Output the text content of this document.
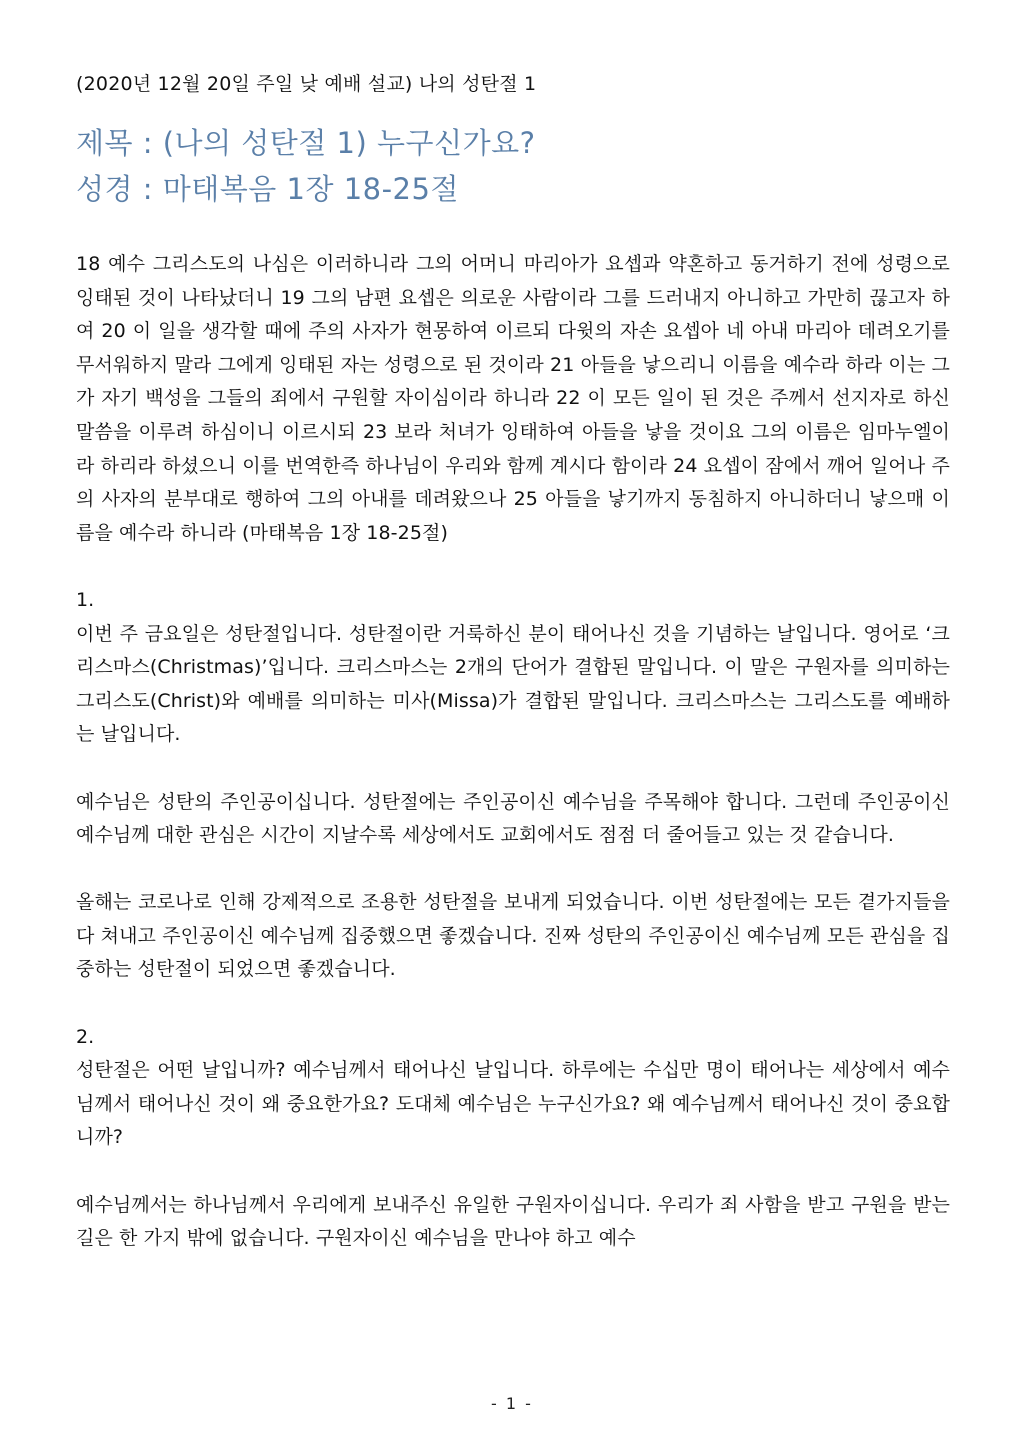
(2020년 12월 20일 주일 낮 예배 설교) 나의 성탄절 1

제목 : (나의 성탄절 1) 누구신가요?

성경 : 마태복음 1장 18-25절

18 예수 그리스도의 나심은 이러하니라 그의 어머니 마리아가 요셉과 약혼하고 동거하기 전에 성령으로 잉태된 것이 나타났더니 19 그의 남편 요셉은 의로운 사람이라 그를 드러내지 아니하고 가만히 끊고자 하여 20 이 일을 생각할 때에 주의 사자가 현몽하여 이르되 다윗의 자손 요셉아 네 아내 마리아 데려오기를 무서워하지 말라 그에게 잉태된 자는 성령으로 된 것이라 21 아들을 낳으리니 이름을 예수라 하라 이는 그가 자기 백성을 그들의 죄에서 구원할 자이심이라 하니라 22 이 모든 일이 된 것은 주께서 선지자로 하신 말씀을 이루려 하심이니 이르시되 23 보라 처녀가 잉태하여 아들을 낳을 것이요 그의 이름은 임마누엘이라 하리라 하셨으니 이를 번역한즉 하나님이 우리와 함께 계시다 함이라 24 요셉이 잠에서 깨어 일어나 주의 사자의 분부대로 행하여 그의 아내를 데려왔으나 25 아들을 낳기까지 동침하지 아니하더니 낳으매 이름을 예수라 하니라 (마태복음 1장 18-25절)

1.

이번 주 금요일은 성탄절입니다. 성탄절이란 거룩하신 분이 태어나신 것을 기념하는 날입니다. 영어로 ‘크리스마스(Christmas)’입니다. 크리스마스는 2개의 단어가 결합된 말입니다. 이 말은 구원자를 의미하는 그리스도(Christ)와 예배를 의미하는 미사(Missa)가 결합된 말입니다. 크리스마스는 그리스도를 예배하는 날입니다.

예수님은 성탄의 주인공이십니다. 성탄절에는 주인공이신 예수님을 주목해야 합니다. 그런데 주인공이신 예수님께 대한 관심은 시간이 지날수록 세상에서도 교회에서도 점점 더 줄어들고 있는 것 같습니다.

올해는 코로나로 인해 강제적으로 조용한 성탄절을 보내게 되었습니다. 이번 성탄절에는 모든 곁가지들을 다 쳐내고 주인공이신 예수님께 집중했으면 좋겠습니다. 진짜 성탄의 주인공이신 예수님께 모든 관심을 집중하는 성탄절이 되었으면 좋겠습니다.

2.

성탄절은 어떤 날입니까? 예수님께서 태어나신 날입니다. 하루에는 수십만 명이 태어나는 세상에서 예수님께서 태어나신 것이 왜 중요한가요? 도대체 예수님은 누구신가요? 왜 예수님께서 태어나신 것이 중요합니까?

예수님께서는 하나님께서 우리에게 보내주신 유일한 구원자이십니다. 우리가 죄 사함을 받고 구원을 받는 길은 한 가지 밖에 없습니다. 구원자이신 예수님을 만나야 하고 예수

- 1 -
